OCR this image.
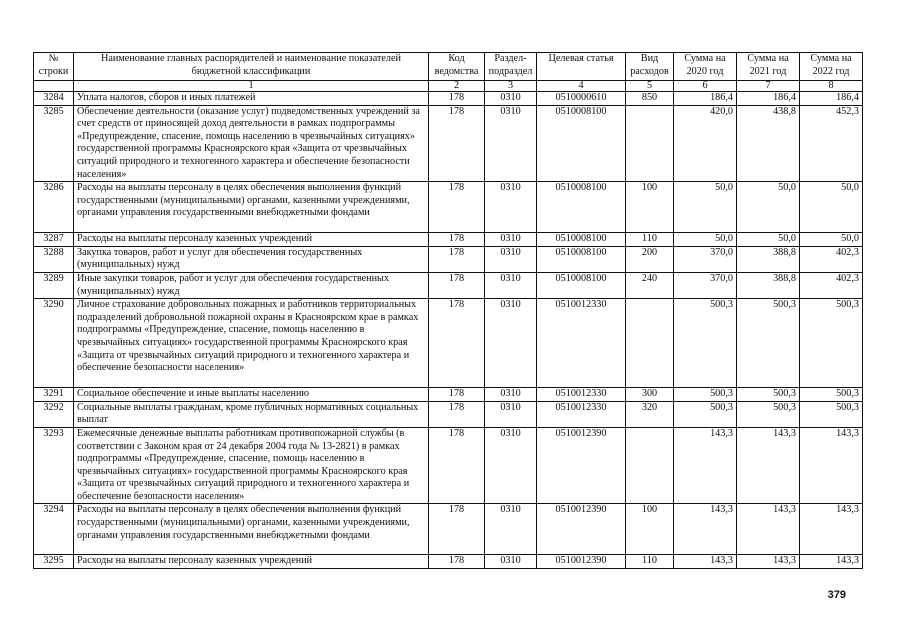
№ строки	Наименование главных распорядителей и наименование показателей бюджетной классификации	Код ведомства	Раздел-подраздел	Целевая статья	Вид расходов	Сумма на 2020 год	Сумма на 2021 год	Сумма на 2022 год
	1	2	3	4	5	6	7	8
3284	Уплата налогов, сборов и иных платежей	178	0310	0510000610	850	186,4	186,4	186,4
3285	Обеспечение деятельности (оказание услуг) подведомственных учреждений за счет средств от приносящей доход деятельности в рамках подпрограммы «Предупреждение, спасение, помощь населению в чрезвычайных ситуациях» государственной программы Красноярского края «Защита от чрезвычайных ситуаций природного и техногенного характера и обеспечение безопасности населения»	178	0310	0510008100		420,0	438,8	452,3
3286	Расходы на выплаты персоналу в целях обеспечения выполнения функций государственными (муниципальными) органами, казенными учреждениями, органами управления государственными внебюджетными фондами	178	0310	0510008100	100	50,0	50,0	50,0
3287	Расходы на выплаты персоналу казенных учреждений	178	0310	0510008100	110	50,0	50,0	50,0
3288	Закупка товаров, работ и услуг для обеспечения государственных (муниципальных) нужд	178	0310	0510008100	200	370,0	388,8	402,3
3289	Иные закупки товаров, работ и услуг для обеспечения государственных (муниципальных) нужд	178	0310	0510008100	240	370,0	388,8	402,3
3290	Личное страхование добровольных пожарных и работников территориальных подразделений добровольной пожарной охраны в Красноярском крае в рамках подпрограммы «Предупреждение, спасение, помощь населению в чрезвычайных ситуациях» государственной программы Красноярского края «Защита от чрезвычайных ситуаций природного и техногенного характера и обеспечение безопасности населения»	178	0310	0510012330		500,3	500,3	500,3
3291	Социальное обеспечение и иные выплаты населению	178	0310	0510012330	300	500,3	500,3	500,3
3292	Социальные выплаты гражданам, кроме публичных нормативных социальных выплат	178	0310	0510012330	320	500,3	500,3	500,3
3293	Ежемесячные денежные выплаты работникам противопожарной службы (в соответствии с Законом края от 24 декабря 2004 года № 13-2821) в рамках подпрограммы «Предупреждение, спасение, помощь населению в чрезвычайных ситуациях» государственной программы Красноярского края «Защита от чрезвычайных ситуаций природного и техногенного характера и обеспечение безопасности населения»	178	0310	0510012390		143,3	143,3	143,3
3294	Расходы на выплаты персоналу в целях обеспечения выполнения функций государственными (муниципальными) органами, казенными учреждениями, органами управления государственными внебюджетными фондами	178	0310	0510012390	100	143,3	143,3	143,3
3295	Расходы на выплаты персоналу казенных учреждений	178	0310	0510012390	110	143,3	143,3	143,3
379
